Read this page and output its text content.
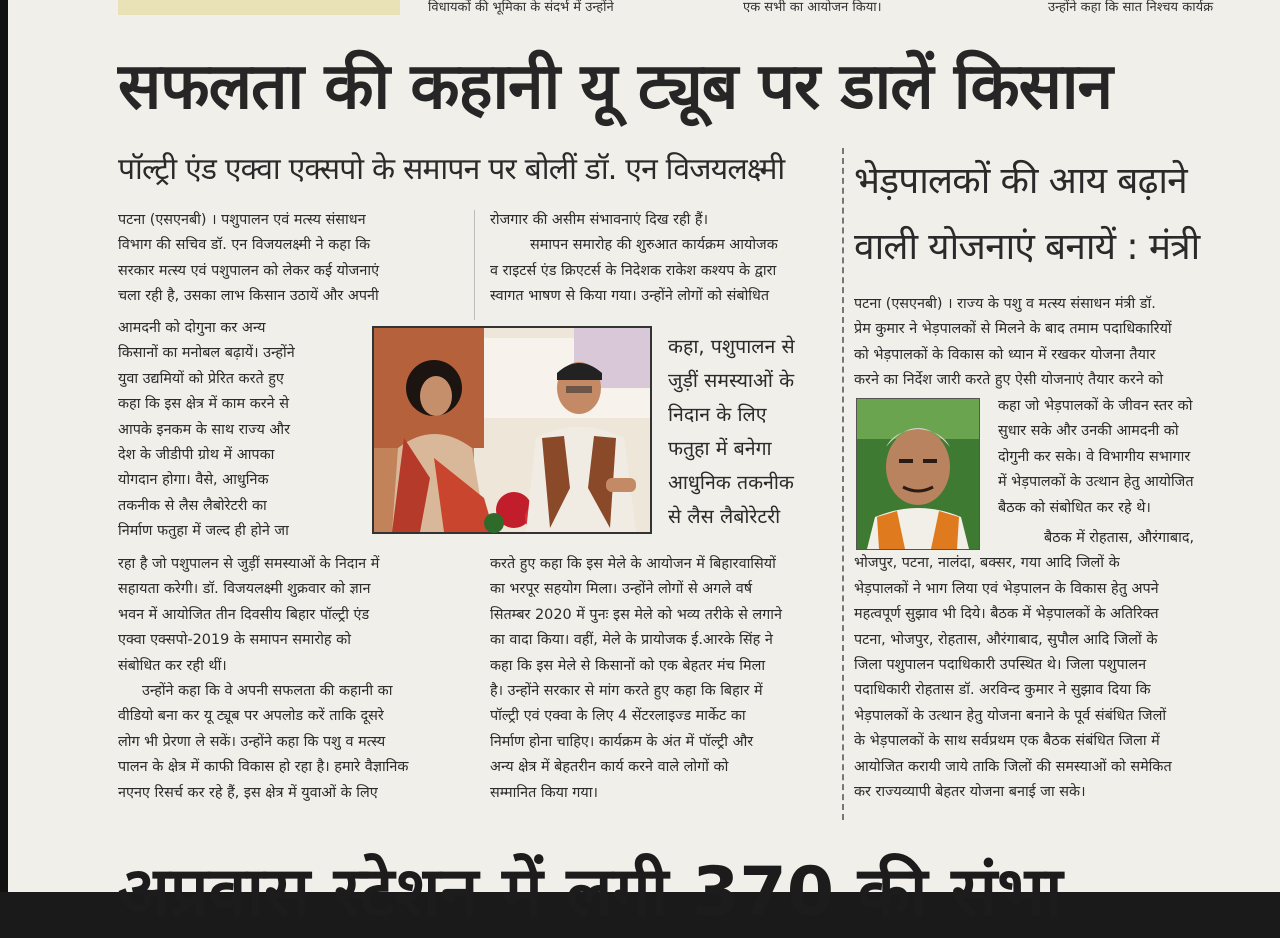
विधायकों की भूमिका के संदर्भ में उन्होंने	एक सभी का आयोजन किया।	उन्होंने कहा कि सात निश्चय कार्यक्र
सफलता की कहानी यू ट्यूब पर डालें किसान
पॉल्ट्री एंड एक्वा एक्सपो के समापन पर बोलीं डॉ. एन विजयलक्ष्मी
पटना (एसएनबी) । पशुपालन एवं मत्स्य संसाधन
विभाग की सचिव डॉ. एन विजयलक्ष्मी ने कहा कि
सरकार मत्स्य एवं पशुपालन को लेकर कई योजनाएं
चला रही है, उसका लाभ किसान उठायें और अपनी
आमदनी को दोगुना कर अन्य
किसानों का मनोबल बढ़ायें। उन्होंने
युवा उद्यमियों को प्रेरित करते हुए
कहा कि इस क्षेत्र में काम करने से
आपके इनकम के साथ राज्य और
देश के जीडीपी ग्रोथ में आपका
योगदान होगा। वैसे, आधुनिक
तकनीक से लैस लैबोरेटरी का
निर्माण फतुहा में जल्द ही होने जा
रहा है जो पशुपालन से जुड़ीं समस्याओं के निदान में
सहायता करेगी। डॉ. विजयलक्ष्मी शुक्रवार को ज्ञान
भवन में आयोजित तीन दिवसीय बिहार पॉल्ट्री एंड
एक्वा एक्सपो-2019 के समापन समारोह को
संबोधित कर रही थीं।
उन्होंने कहा कि वे अपनी सफलता की कहानी का
वीडियो बना कर यू ट्यूब पर अपलोड करें ताकि दूसरे
लोग भी प्रेरणा ले सकें। उन्होंने कहा कि पशु व मत्स्य
पालन के क्षेत्र में काफी विकास हो रहा है। हमारे वैज्ञानिक
नएनए रिसर्च कर रहे हैं, इस क्षेत्र में युवाओं के लिए
रोजगार की असीम संभावनाएं दिख रही हैं।
समापन समारोह की शुरुआत कार्यक्रम आयोजक
व राइटर्स एंड क्रिएटर्स के निदेशक राकेश कश्यप के द्वारा
स्वागत भाषण से किया गया। उन्होंने लोगों को संबोधित
कहा, पशुपालन से
जुड़ीं समस्याओं के
निदान के लिए
फतुहा में बनेगा
आधुनिक तकनीक
से लैस लैबोरेटरी
करते हुए कहा कि इस मेले के आयोजन में बिहारवासियों
का भरपूर सहयोग मिला। उन्होंने लोगों से अगले वर्ष
सितम्बर 2020 में पुनः इस मेले को भव्य तरीके से लगाने
का वादा किया। वहीं, मेले के प्रायोजक ई.आरके सिंह ने
कहा कि इस मेले से किसानों को एक बेहतर मंच मिला
है। उन्होंने सरकार से मांग करते हुए कहा कि बिहार में
पॉल्ट्री एवं एक्वा के लिए 4 सेंटरलाइज्ड मार्केट का
निर्माण होना चाहिए। कार्यक्रम के अंत में पॉल्ट्री और
अन्य क्षेत्र में बेहतरीन कार्य करने वाले लोगों को
सम्मानित किया गया।
भेड़पालकों की आय बढ़ाने
वाली योजनाएं बनायें : मंत्री
पटना (एसएनबी) । राज्य के पशु व मत्स्य संसाधन मंत्री डॉ.
प्रेम कुमार ने भेड़पालकों से मिलने के बाद तमाम पदाधिकारियों
को भेड़पालकों के विकास को ध्यान में रखकर योजना तैयार
करने का निर्देश जारी करते हुए ऐसी योजनाएं तैयार करने को
कहा जो भेड़पालकों के जीवन स्तर को
सुधार सके और उनकी आमदनी को
दोगुनी कर सके। वे विभागीय सभागार
में भेड़पालकों के उत्थान हेतु आयोजित
बैठक को संबोधित कर रहे थे।
बैठक में रोहतास, औरंगाबाद,
भोजपुर, पटना, नालंदा, बक्सर, गया आदि जिलों के
भेड़पालकों ने भाग लिया एवं भेड़पालन के विकास हेतु अपने
महत्वपूर्ण सुझाव भी दिये। बैठक में भेड़पालकों के अतिरिक्त
पटना, भोजपुर, रोहतास, औरंगाबाद, सुपौल आदि जिलों के
जिला पशुपालन पदाधिकारी उपस्थित थे। जिला पशुपालन
पदाधिकारी रोहतास डॉ. अरविन्द कुमार ने सुझाव दिया कि
भेड़पालकों के उत्थान हेतु योजना बनाने के पूर्व संबंधित जिलों
के भेड़पालकों के साथ सर्वप्रथम एक बैठक संबंधित जिला में
आयोजित करायी जाये ताकि जिलों की समस्याओं को समेकित
कर राज्यव्यापी बेहतर योजना बनाई जा सके।
अप्रवास स्टेशन में लगी 370 की संभा
